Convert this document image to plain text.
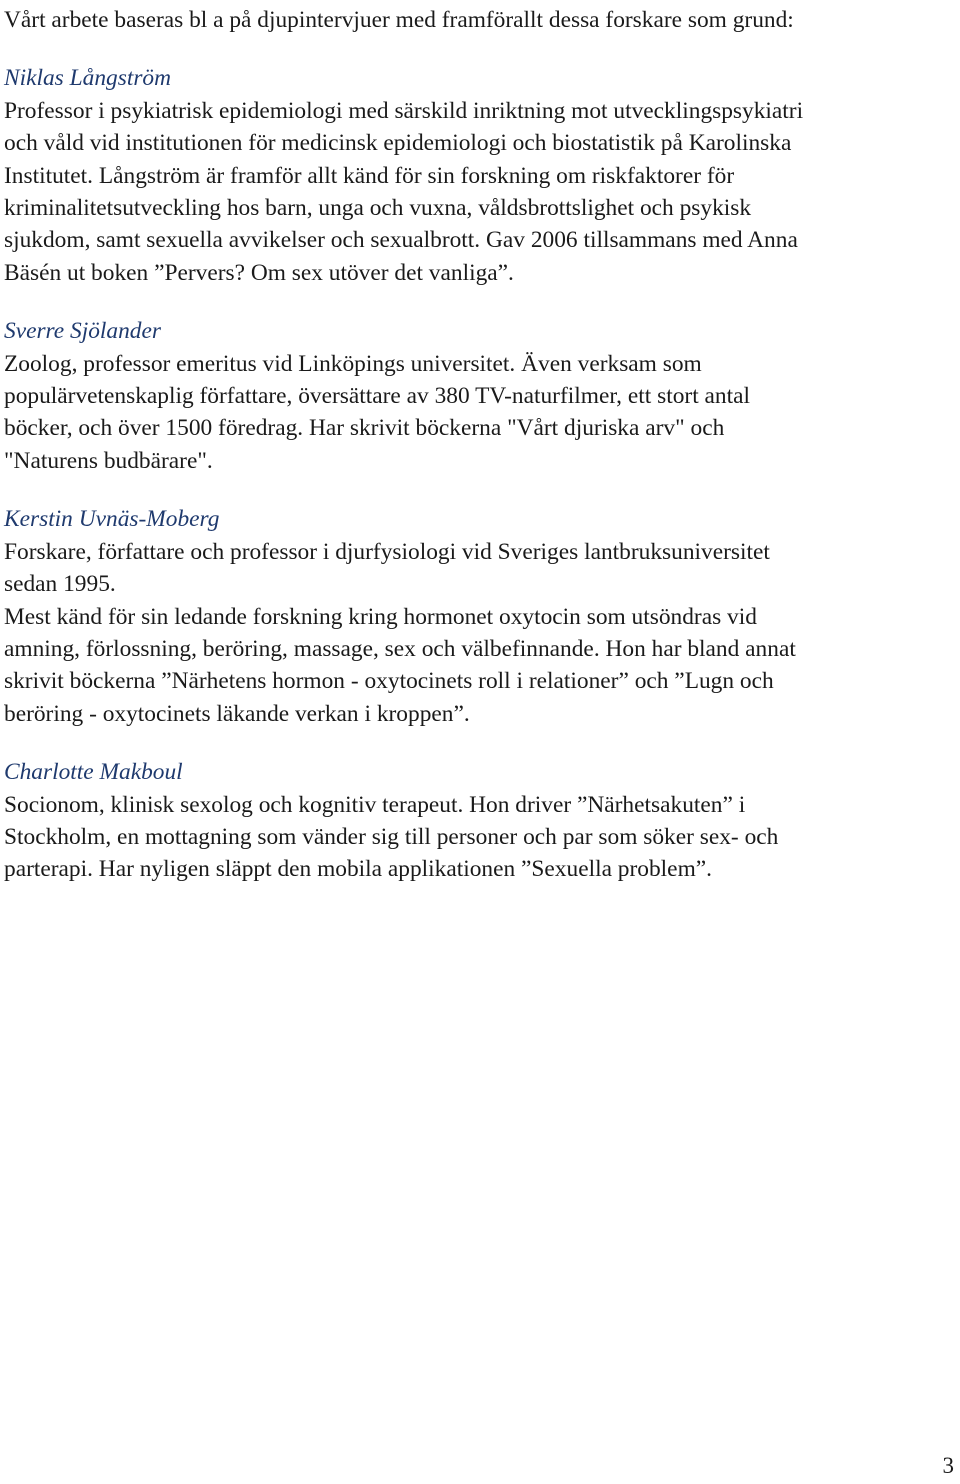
Vårt arbete baseras bl a på djupintervjuer med framförallt dessa forskare som grund:
Niklas Långström
Professor i psykiatrisk epidemiologi med särskild inriktning mot utvecklingspsykiatri
och våld vid institutionen för medicinsk epidemiologi och biostatistik på Karolinska
Institutet. Långström är framför allt känd för sin forskning om riskfaktorer för
kriminalitetsutveckling hos barn, unga och vuxna, våldsbrottslighet och psykisk
sjukdom, samt sexuella avvikelser och sexualbrott. Gav 2006 tillsammans med Anna
Bäsén ut boken ”Pervers? Om sex utöver det vanliga”.
Sverre Sjölander
Zoolog, professor emeritus vid Linköpings universitet. Även verksam som
populärvetenskaplig författare, översättare av 380 TV-naturfilmer, ett stort antal
böcker, och över 1500 föredrag. Har skrivit böckerna "Vårt djuriska arv" och
"Naturens budbärare".
Kerstin Uvnäs-Moberg
Forskare, författare och professor i djurfysiologi vid Sveriges lantbruksuniversitet
sedan 1995.
Mest känd för sin ledande forskning kring hormonet oxytocin som utsöndras vid
amning, förlossning, beröring, massage, sex och välbefinnande. Hon har bland annat
skrivit böckerna ”Närhetens hormon - oxytocinets roll i relationer” och ”Lugn och
beröring - oxytocinets läkande verkan i kroppen”.
Charlotte Makboul
Socionom, klinisk sexolog och kognitiv terapeut. Hon driver ”Närhetsakuten” i
Stockholm, en mottagning som vänder sig till personer och par som söker sex- och
parterapi. Har nyligen släppt den mobila applikationen ”Sexuella problem”.
3
